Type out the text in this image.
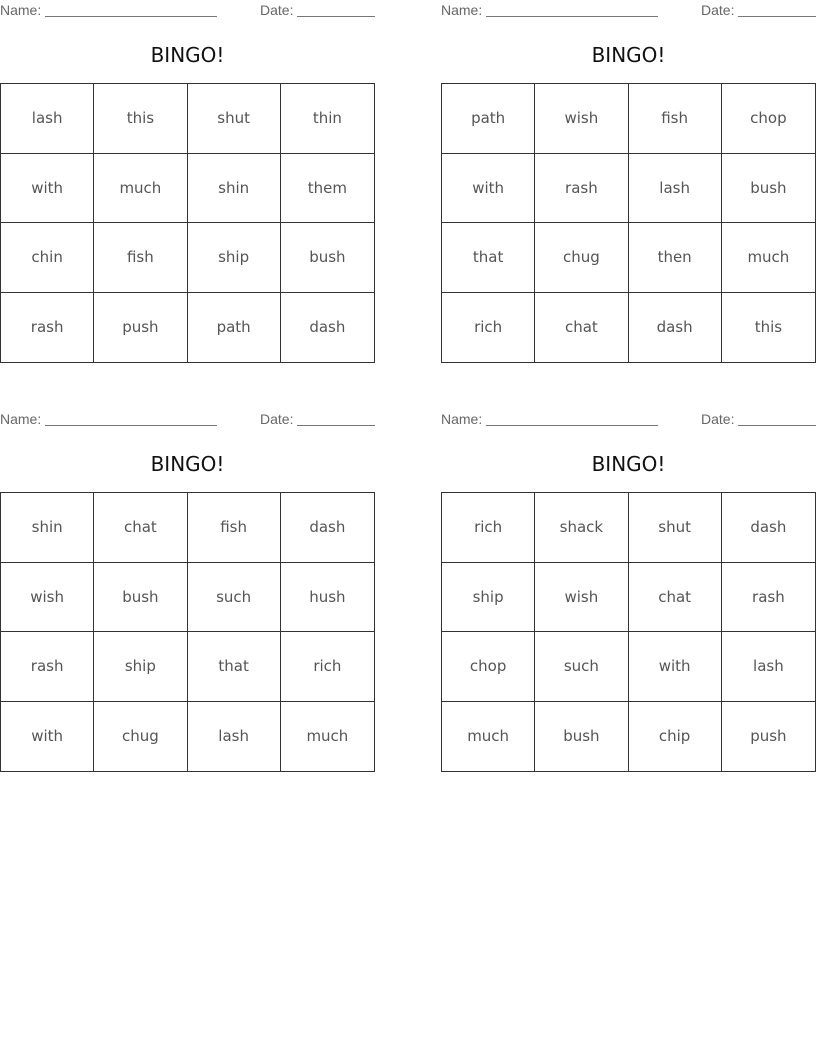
Name:	Date:
BINGO!
lash	this	shut	thin
with	much	shin	them
chin	fish	ship	bush
rash	push	path	dash
Name:	Date:
BINGO!
path	wish	fish	chop
with	rash	lash	bush
that	chug	then	much
rich	chat	dash	this
Name:	Date:
BINGO!
shin	chat	fish	dash
wish	bush	such	hush
rash	ship	that	rich
with	chug	lash	much
Name:	Date:
BINGO!
rich	shack	shut	dash
ship	wish	chat	rash
chop	such	with	lash
much	bush	chip	push
